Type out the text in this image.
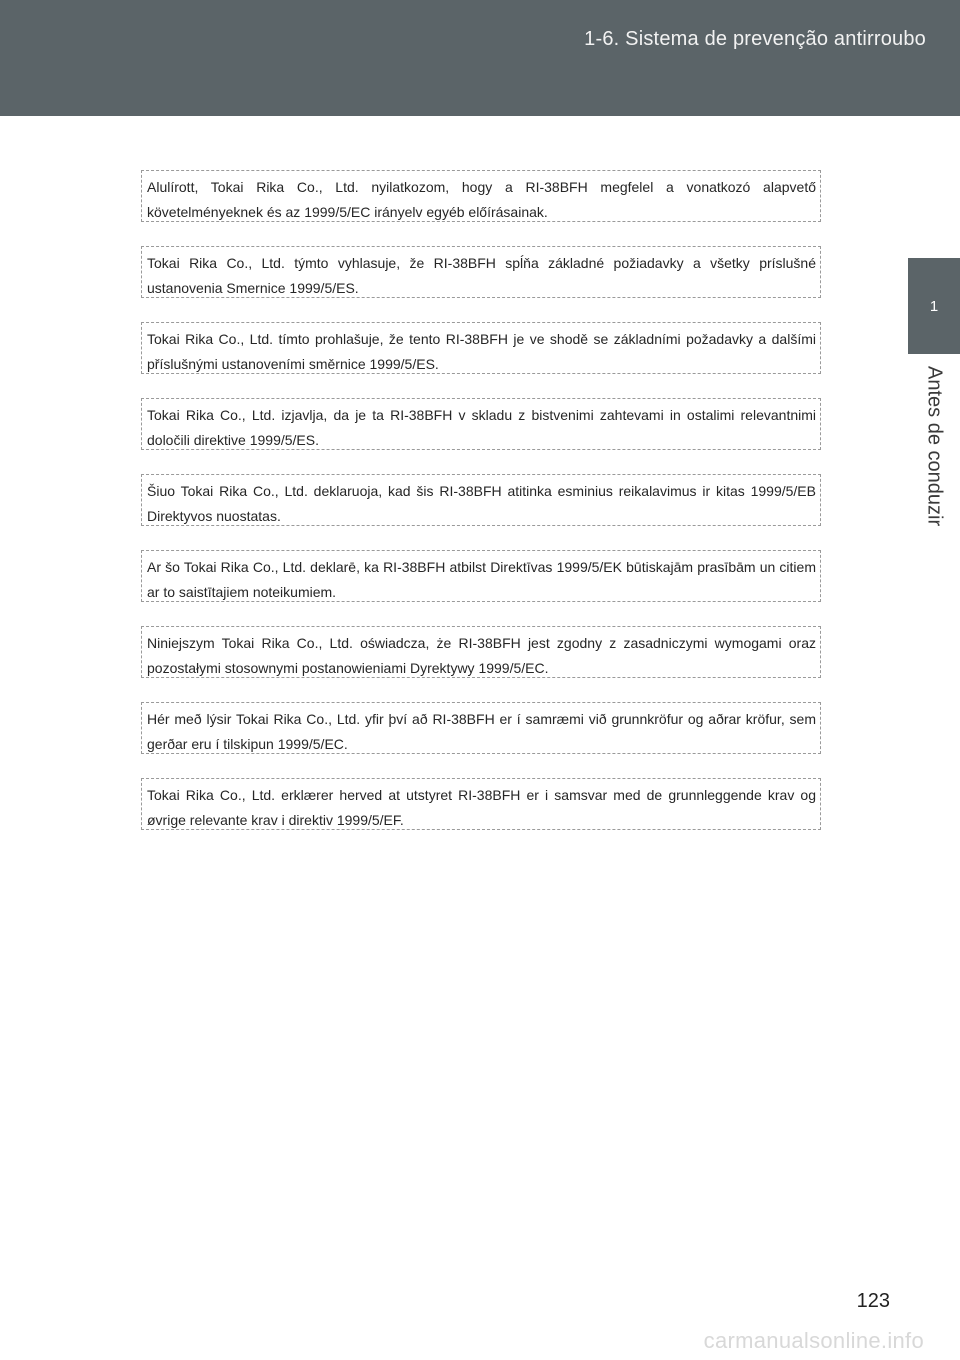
1-6. Sistema de prevenção antirroubo
1
Antes de conduzir
Alulírott, Tokai Rika Co., Ltd. nyilatkozom, hogy a RI-38BFH megfelel a vonatkozó alapvető követelményeknek és az 1999/5/EC irányelv egyéb előírásainak.
Tokai Rika Co., Ltd. týmto vyhlasuje, že RI-38BFH spĺňa základné požiadavky a všetky príslušné ustanovenia Smernice 1999/5/ES.
Tokai Rika Co., Ltd. tímto prohlašuje, že tento RI-38BFH je ve shodě se základními požadavky a dalšími příslušnými ustanoveními směrnice 1999/5/ES.
Tokai Rika Co., Ltd. izjavlja, da je ta RI-38BFH v skladu z bistvenimi zahtevami in ostalimi relevantnimi določili direktive 1999/5/ES.
Šiuo Tokai Rika Co., Ltd. deklaruoja, kad šis RI-38BFH atitinka esminius reikalavimus ir kitas 1999/5/EB Direktyvos nuostatas.
Ar šo Tokai Rika Co., Ltd. deklarē, ka RI-38BFH atbilst Direktīvas 1999/5/EK būtiskajām prasībām un citiem ar to saistītajiem noteikumiem.
Niniejszym Tokai Rika Co., Ltd. oświadcza, że RI-38BFH jest zgodny z zasadniczymi wymogami oraz pozostałymi stosownymi postanowieniami Dyrektywy 1999/5/EC.
Hér með lýsir Tokai Rika Co., Ltd. yfir því að RI-38BFH er í samræmi við grunnkröfur og aðrar kröfur, sem gerðar eru í tilskipun 1999/5/EC.
Tokai Rika Co., Ltd. erklærer herved at utstyret RI-38BFH er i samsvar med de grunnleggende krav og øvrige relevante krav i direktiv 1999/5/EF.
123
carmanualsonline.info
